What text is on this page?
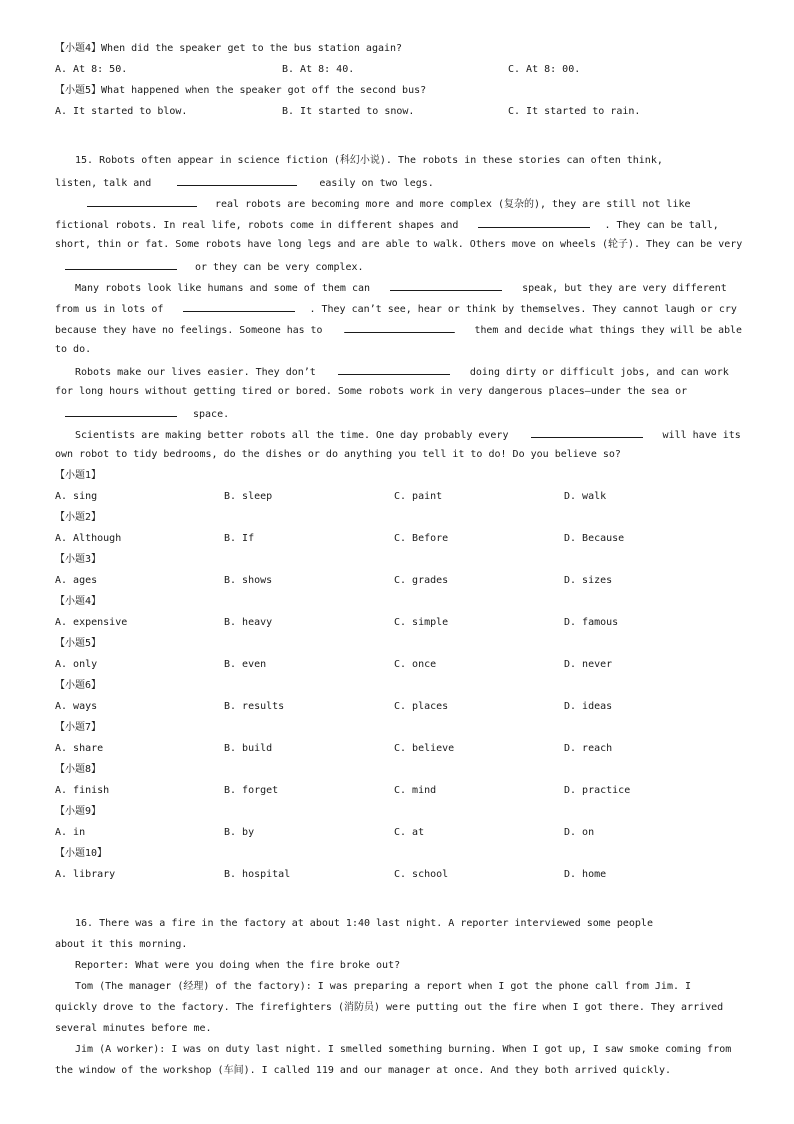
【小题4】When did the speaker get to the bus station again?
A. At 8: 50.	B. At 8: 40.	C. At 8: 00.
【小题5】What happened when the speaker got off the second bus?
A. It started to blow.	B. It started to snow.	C. It started to rain.
15. Robots often appear in science fiction (科幻小说). The robots in these stories can often think,
listen, talk and	easily on two legs.
real robots are becoming more and more complex (复杂的), they are still not like
fictional robots. In real life, robots come in different shapes and	. They can be tall,
short, thin or fat. Some robots have long legs and are able to walk. Others move on wheels (轮子). They can be very
or they can be very complex.
Many robots look like humans and some of them can	speak, but they are very different
from us in lots of	. They can’t see, hear or think by themselves. They cannot laugh or cry
because they have no feelings. Someone has to	them and decide what things they will be able
to do.
Robots make our lives easier. They don’t	doing dirty or difficult jobs, and can work
for long hours without getting tired or bored. Some robots work in very dangerous places—under the sea or
space.
Scientists are making better robots all the time. One day probably every	will have its
own robot to tidy bedrooms, do the dishes or do anything you tell it to do! Do you believe so?
【小题1】
A. sing	B. sleep	C. paint	D. walk
【小题2】
A. Although	B. If	C. Before	D. Because
【小题3】
A. ages	B. shows	C. grades	D. sizes
【小题4】
A. expensive	B. heavy	C. simple	D. famous
【小题5】
A. only	B. even	C. once	D. never
【小题6】
A. ways	B. results	C. places	D. ideas
【小题7】
A. share	B. build	C. believe	D. reach
【小题8】
A. finish	B. forget	C. mind	D. practice
【小题9】
A. in	B. by	C. at	D. on
【小题10】
A. library	B. hospital	C. school	D. home
16. There was a fire in the factory at about 1:40 last night. A reporter interviewed some people
about it this morning.
Reporter: What were you doing when the fire broke out?
Tom (The manager (经理) of the factory): I was preparing a report when I got the phone call from Jim. I
quickly drove to the factory. The firefighters (消防员) were putting out the fire when I got there. They arrived
several minutes before me.
Jim (A worker): I was on duty last night. I smelled something burning. When I got up, I saw smoke coming from
the window of the workshop (车间). I called 119 and our manager at once. And they both arrived quickly.
